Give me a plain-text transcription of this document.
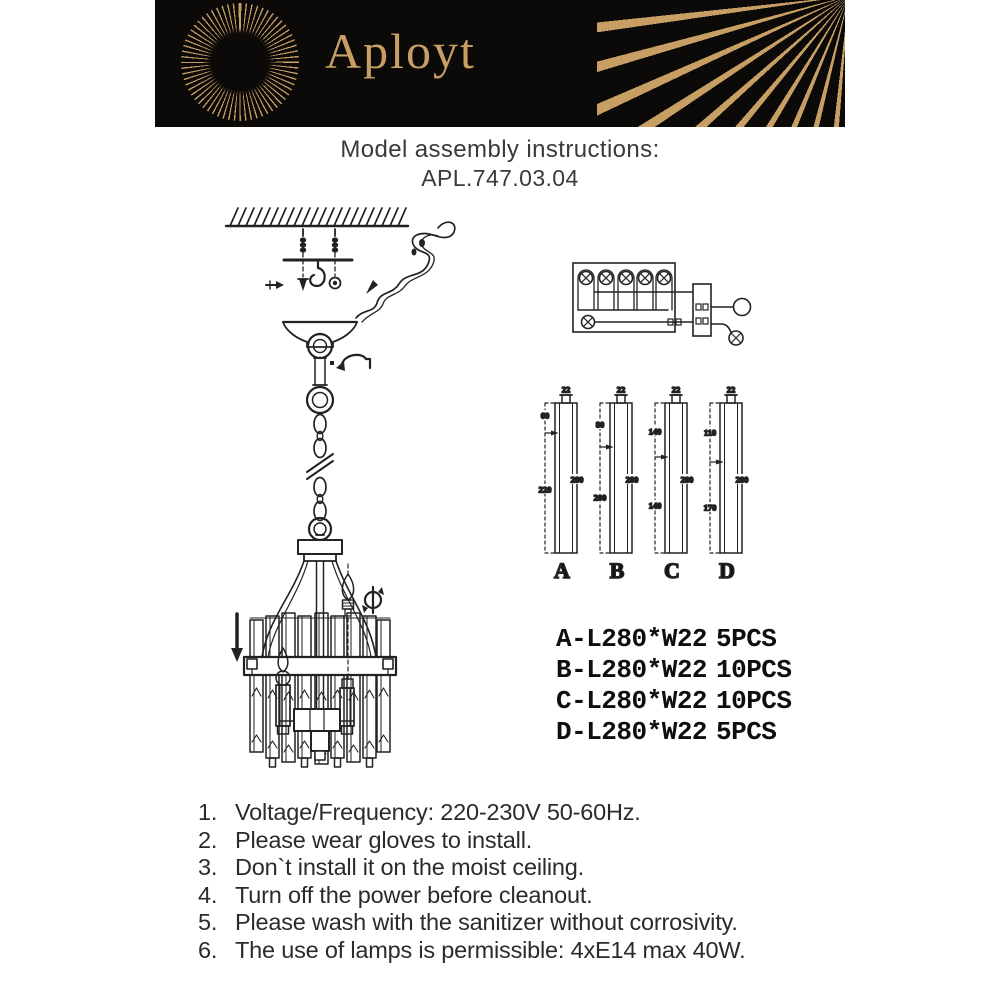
Aployt
Model assembly instructions:
APL.747.03.04
22
60
220
280
A
22
80
200
280
B
22
140
140
280
C
22
110
170
280
D
A-L280*W22 5PCS
B-L280*W22 10PCS
C-L280*W22 10PCS
D-L280*W22 5PCS
1. Voltage/Frequency: 220-230V 50-60Hz.
2. Please wear gloves to install.
3. Don`t install it on the moist ceiling.
4. Turn off the power before cleanout.
5. Please wash with the sanitizer without corrosivity.
6. The use of lamps is permissible: 4xE14 max 40W.
